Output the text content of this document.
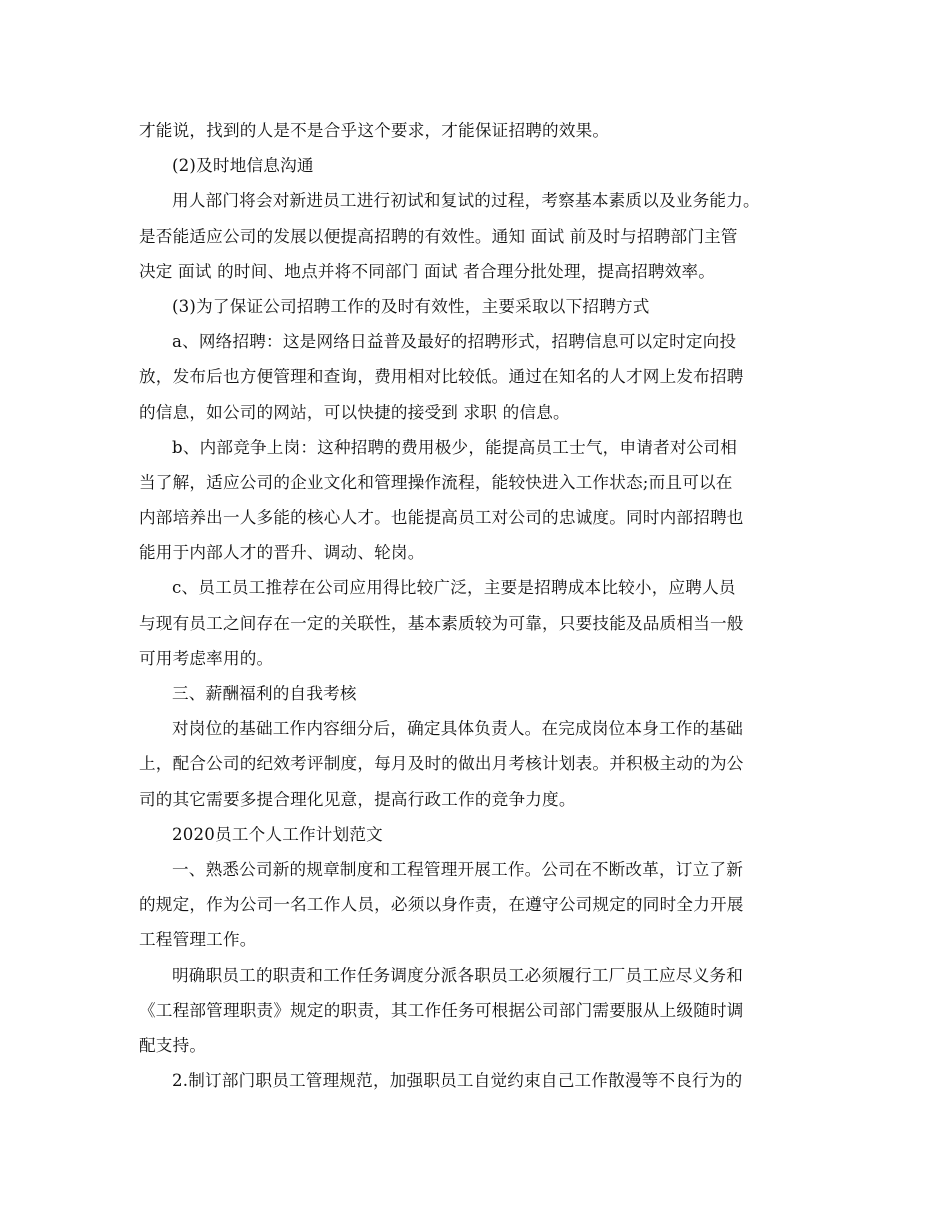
才能说，找到的人是不是合乎这个要求，才能保证招聘的效果。
(2)及时地信息沟通
用人部门将会对新进员工进行初试和复试的过程，考察基本素质以及业务能力。
是否能适应公司的发展以便提高招聘的有效性。通知 面试 前及时与招聘部门主管
决定 面试 的时间、地点并将不同部门 面试 者合理分批处理，提高招聘效率。
(3)为了保证公司招聘工作的及时有效性，主要采取以下招聘方式
a、网络招聘：这是网络日益普及最好的招聘形式，招聘信息可以定时定向投
放，发布后也方便管理和查询，费用相对比较低。通过在知名的人才网上发布招聘
的信息，如公司的网站，可以快捷的接受到 求职 的信息。
b、内部竞争上岗：这种招聘的费用极少，能提高员工士气，申请者对公司相
当了解，适应公司的企业文化和管理操作流程，能较快进入工作状态;而且可以在
内部培养出一人多能的核心人才。也能提高员工对公司的忠诚度。同时内部招聘也
能用于内部人才的晋升、调动、轮岗。
c、员工员工推荐在公司应用得比较广泛，主要是招聘成本比较小，应聘人员
与现有员工之间存在一定的关联性，基本素质较为可靠，只要技能及品质相当一般
可用考虑率用的。
三、薪酬福利的自我考核
对岗位的基础工作内容细分后，确定具体负责人。在完成岗位本身工作的基础
上，配合公司的纪效考评制度，每月及时的做出月考核计划表。并积极主动的为公
司的其它需要多提合理化见意，提高行政工作的竞争力度。
2020员工个人工作计划范文
一、熟悉公司新的规章制度和工程管理开展工作。公司在不断改革，订立了新
的规定，作为公司一名工作人员，必须以身作责，在遵守公司规定的同时全力开展
工程管理工作。
明确职员工的职责和工作任务调度分派各职员工必须履行工厂员工应尽义务和
《工程部管理职责》规定的职责，其工作任务可根据公司部门需要服从上级随时调
配支持。
2.制订部门职员工管理规范，加强职员工自觉约束自己工作散漫等不良行为的
